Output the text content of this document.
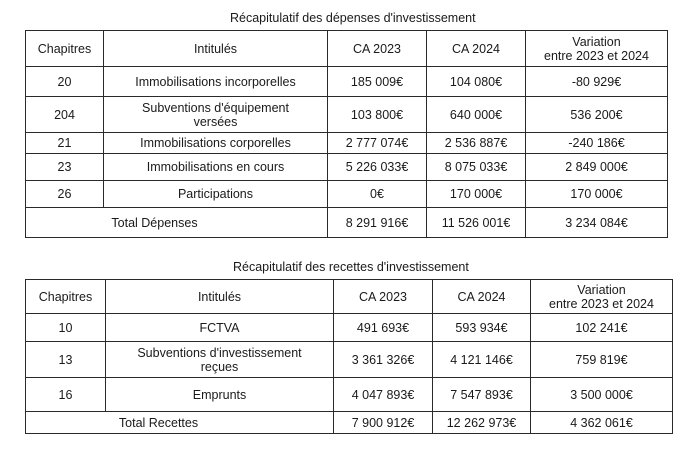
Récapitulatif des dépenses d'investissement
Chapitres	Intitulés	CA 2023	CA 2024	Variation
entre 2023 et 2024
20	Immobilisations incorporelles	185 009€	104 080€	-80 929€
204	Subventions d'équipement versées	103 800€	640 000€	536 200€
21	Immobilisations corporelles	2 777 074€	2 536 887€	-240 186€
23	Immobilisations en cours	5 226 033€	8 075 033€	2 849 000€
26	Participations	0€	170 000€	170 000€
Total Dépenses		8 291 916€	11 526 001€	3 234 084€
Récapitulatif des recettes d'investissement
Chapitres	Intitulés	CA 2023	CA 2024	Variation
entre 2023 et 2024
10	FCTVA	491 693€	593 934€	102 241€
13	Subventions d'investissement reçues	3 361 326€	4 121 146€	759 819€
16	Emprunts	4 047 893€	7 547 893€	3 500 000€
Total Recettes		7 900 912€	12 262 973€	4 362 061€
